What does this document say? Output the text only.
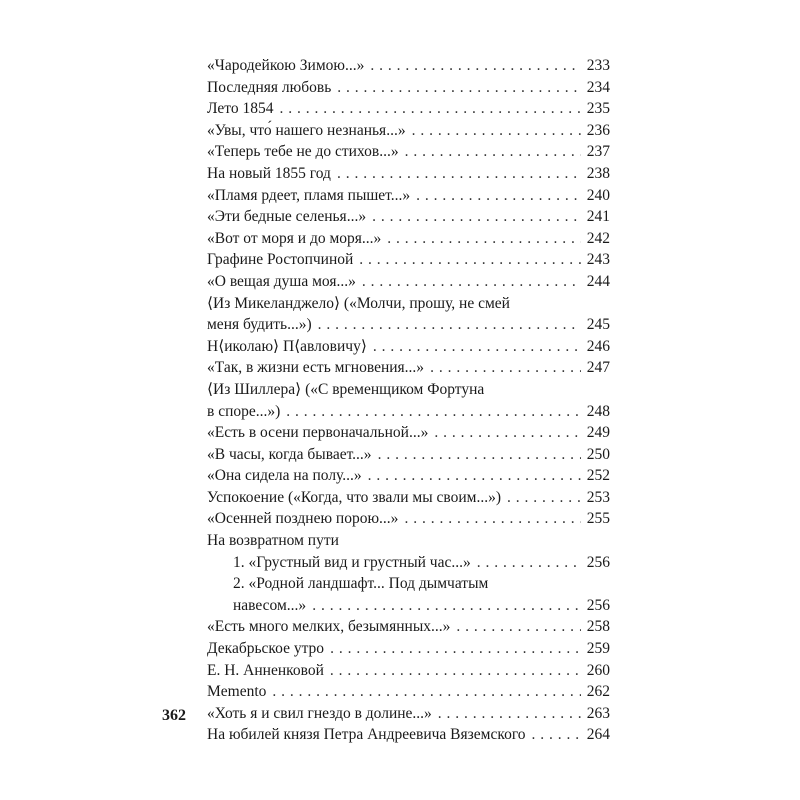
«Чародейкою Зимою...» . . .	233
Последняя любовь . . .	234
Лето 1854 . . .	235
«Увы, что́ нашего незнанья...» . . .	236
«Теперь тебе не до стихов...» . . .	237
На новый 1855 год . . .	238
«Пламя рдеет, пламя пышет...» . . .	240
«Эти бедные селенья...» . . .	241
«Вот от моря и до моря...» . . .	242
Графине Ростопчиной . . .	243
«О вещая душа моя...» . . .	244
⟨Из Микеланджело⟩ («Молчи, прошу, не смей
меня будить...») . . .	245
Н⟨иколаю⟩ П⟨авловичу⟩ . . .	246
«Так, в жизни есть мгновения...» . . .	247
⟨Из Шиллера⟩ («С временщиком Фортуна
в споре...») . . .	248
«Есть в осени первоначальной...» . . .	249
«В часы, когда бывает...» . . .	250
«Она сидела на полу...» . . .	252
Успокоение («Когда, что звали мы своим...») . . .	253
«Осенней позднею порою...» . . .	255
На возвратном пути
1. «Грустный вид и грустный час...» . . .	256
2. «Родной ландшафт... Под дымчатым
навесом...» . . .	256
«Есть много мелких, безымянных...» . . .	258
Декабрьское утро . . .	259
Е. Н. Анненковой . . .	260
Memento . . .	262
«Хоть я и свил гнездо в долине...» . . .	263
На юбилей князя Петра Андреевича Вяземского . . .	264
362
